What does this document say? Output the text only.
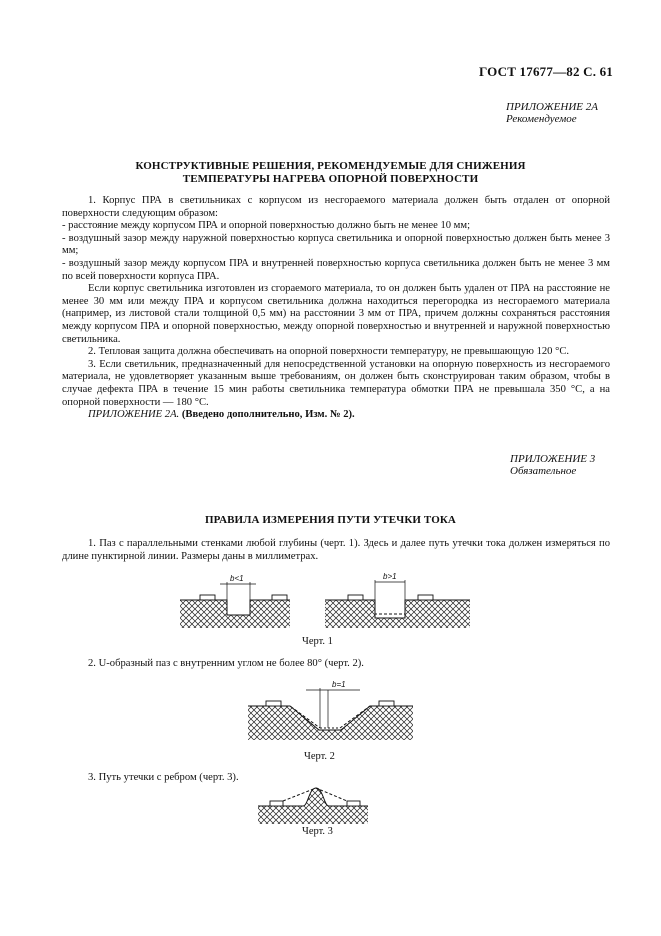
ГОСТ 17677—82 С. 61
ПРИЛОЖЕНИЕ 2А
Рекомендуемое
КОНСТРУКТИВНЫЕ РЕШЕНИЯ, РЕКОМЕНДУЕМЫЕ ДЛЯ СНИЖЕНИЯ
ТЕМПЕРАТУРЫ НАГРЕВА ОПОРНОЙ ПОВЕРХНОСТИ

1. Корпус ПРА в светильниках с корпусом из несгораемого материала должен быть отдален от опорной поверхности следующим образом:

- расстояние между корпусом ПРА и опорной поверхностью должно быть не менее 10 мм;

- воздушный зазор между наружной поверхностью корпуса светильника и опорной поверхностью должен быть менее 3 мм;

- воздушный зазор между корпусом ПРА и внутренней поверхностью корпуса светильника должен быть не менее 3 мм по всей поверхности корпуса ПРА.

Если корпус светильника изготовлен из сгораемого материала, то он должен быть удален от ПРА на расстояние не менее 30 мм или между ПРА и корпусом светильника должна находиться перегородка из несгораемого материала (например, из листовой стали толщиной 0,5 мм) на расстоянии 3 мм от ПРА, причем должны сохраняться расстояния между корпусом ПРА и опорной поверхностью, между опорной поверхностью и внутренней и наружной поверхностью светильника.

2. Тепловая защита должна обеспечивать на опорной поверхности температуру, не превышающую 120 °С.

3. Если светильник, предназначенный для непосредственной установки на опорную поверхность из несгораемого материала, не удовлетворяет указанным выше требованиям, он должен быть сконструирован таким образом, чтобы в случае дефекта ПРА в течение 15 мин работы светильника температура обмотки ПРА не превышала 350 °С, а на опорной поверхности — 180 °С.

ПРИЛОЖЕНИЕ 2А. (Введено дополнительно, Изм. № 2).

ПРИЛОЖЕНИЕ 3
Обязательное
ПРАВИЛА ИЗМЕРЕНИЯ ПУТИ УТЕЧКИ ТОКА

1. Паз с параллельными стенками любой глубины (черт. 1). Здесь и далее путь утечки тока должен измеряться по длине пунктирной линии. Размеры даны в миллиметрах.

b<1	b>1
Черт. 1

2. U-образный паз с внутренним углом не более 80° (черт. 2).

b=1
Черт. 2

3. Путь утечки с ребром (черт. 3).

Черт. 3
